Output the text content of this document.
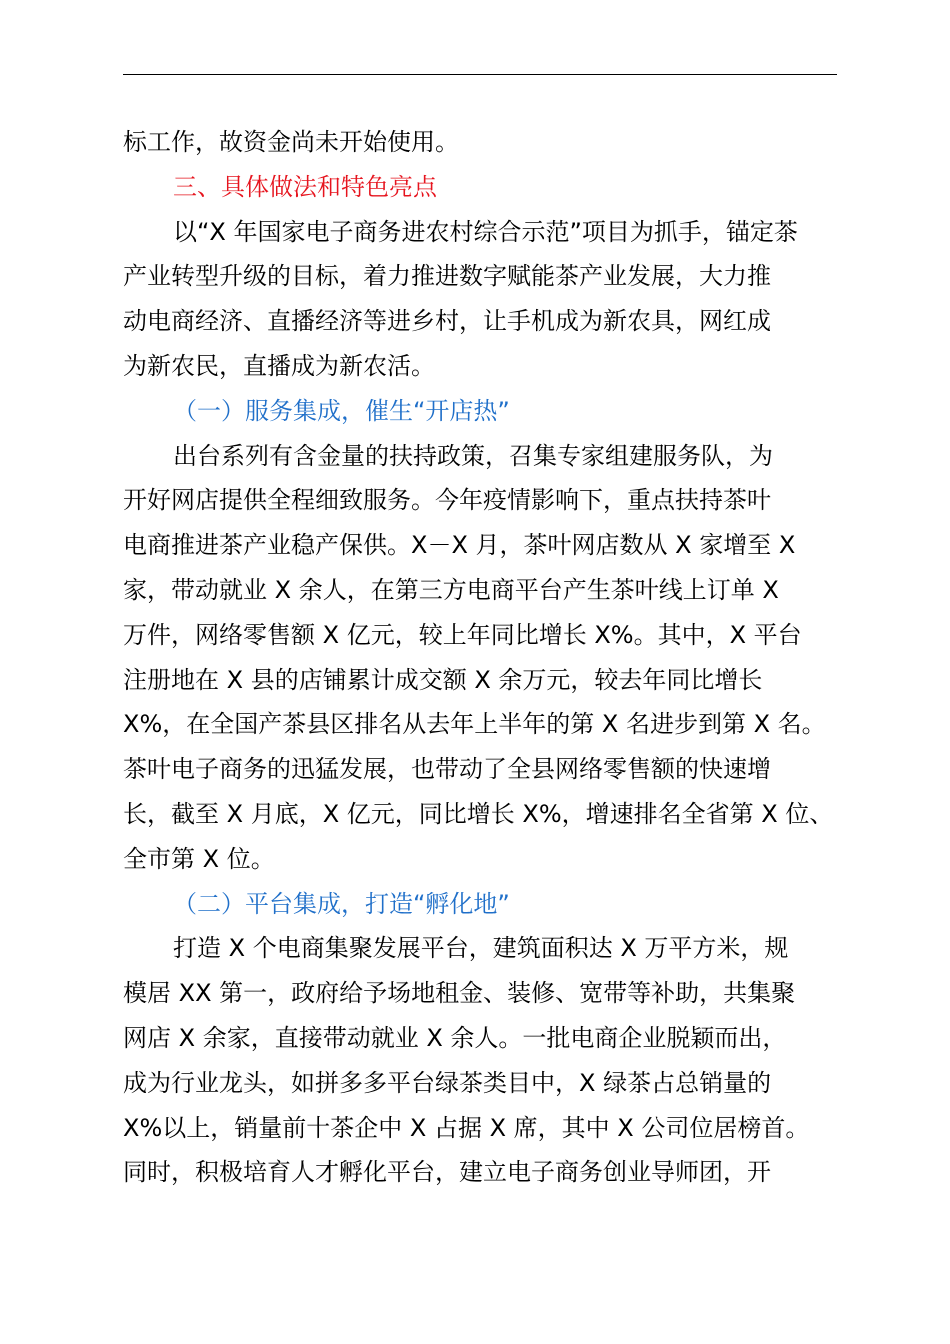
标工作，故资金尚未开始使用。
三、具体做法和特色亮点
以“X 年国家电子商务进农村综合示范”项目为抓手，锚定茶
产业转型升级的目标，着力推进数字赋能茶产业发展，大力推
动电商经济、直播经济等进乡村，让手机成为新农具，网红成
为新农民，直播成为新农活。
（一）服务集成，催生“开店热”
出台系列有含金量的扶持政策，召集专家组建服务队，为
开好网店提供全程细致服务。今年疫情影响下，重点扶持茶叶
电商推进茶产业稳产保供。X－X 月，茶叶网店数从 X 家增至 X
家，带动就业 X 余人，在第三方电商平台产生茶叶线上订单 X
万件，网络零售额 X 亿元，较上年同比增长 X%。其中，X 平台
注册地在 X 县的店铺累计成交额 X 余万元，较去年同比增长
X%，在全国产茶县区排名从去年上半年的第 X 名进步到第 X 名。
茶叶电子商务的迅猛发展，也带动了全县网络零售额的快速增
长，截至 X 月底，X 亿元，同比增长 X%，增速排名全省第 X 位、
全市第 X 位。
（二）平台集成，打造“孵化地”
打造 X 个电商集聚发展平台，建筑面积达 X 万平方米，规
模居 XX 第一，政府给予场地租金、装修、宽带等补助，共集聚
网店 X 余家，直接带动就业 X 余人。一批电商企业脱颖而出，
成为行业龙头，如拼多多平台绿茶类目中，X 绿茶占总销量的
X%以上，销量前十茶企中 X 占据 X 席，其中 X 公司位居榜首。
同时，积极培育人才孵化平台，建立电子商务创业导师团，开
